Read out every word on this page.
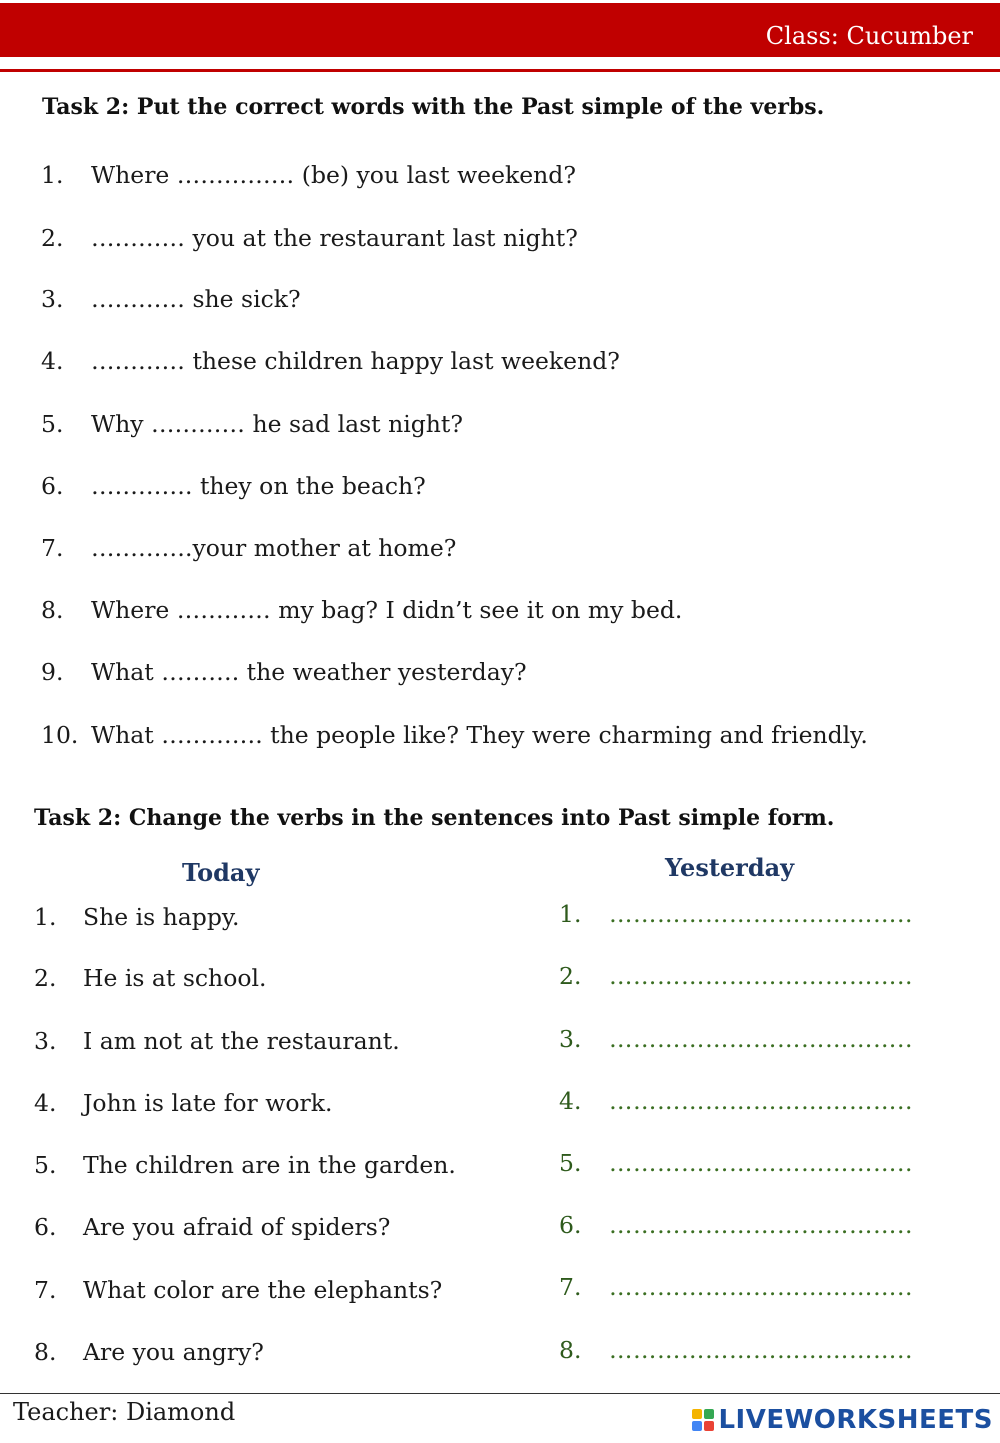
Class: Cucumber
Task 2: Put the correct words with the Past simple of the verbs.
1. Where …………… (be) you last weekend?
2. ………… you at the restaurant last night?
3. ………… she sick?
4. ………… these children happy last weekend?
5. Why ………… he sad last night?
6. …………. they on the beach?
7. ………….your mother at home?
8. Where ………… my bag? I didn’t see it on my bed.
9. What ………. the weather yesterday?
10. What …………. the people like? They were charming and friendly.
Task 2: Change the verbs in the sentences into Past simple form.
Today	Yesterday
1. She is happy.
2. He is at school.
3. I am not at the restaurant.
4. John is late for work.
5. The children are in the garden.
6. Are you afraid of spiders?
7. What color are the elephants?
8. Are you angry?
1. ………………………………..
2. ………………………………..
3. ………………………………..
4. ………………………………..
5. ………………………………..
6. ………………………………..
7. ………………………………..
8. ………………………………..
Teacher: Diamond	LIVEWORKSHEETS
